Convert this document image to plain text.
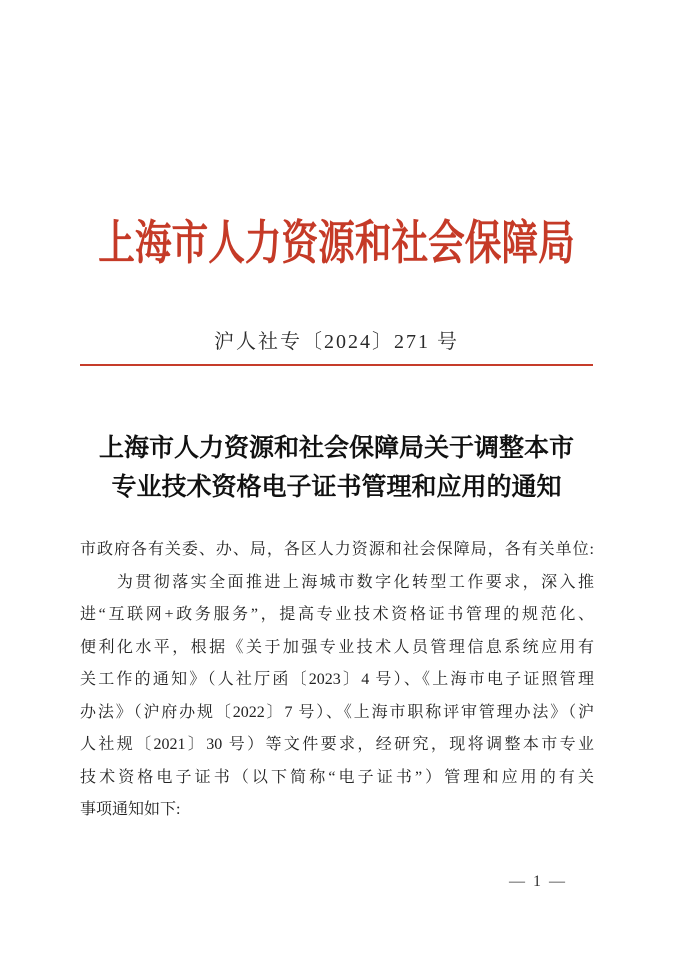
上海市人力资源和社会保障局
沪人社专〔2024〕271 号
上海市人力资源和社会保障局关于调整本市
专业技术资格电子证书管理和应用的通知
市政府各有关委、办、局，各区人力资源和社会保障局，各有关单位:
　　为贯彻落实全面推进上海城市数字化转型工作要求，深入推
进“互联网+政务服务”，提高专业技术资格证书管理的规范化、
便利化水平，根据《关于加强专业技术人员管理信息系统应用有
关工作的通知》（人社厅函〔2023〕4 号）、《上海市电子证照管理
办法》（沪府办规〔2022〕7 号）、《上海市职称评审管理办法》（沪
人社规〔2021〕30 号）等文件要求，经研究，现将调整本市专业
技术资格电子证书（以下简称“电子证书”）管理和应用的有关
事项通知如下:
— 1 —
